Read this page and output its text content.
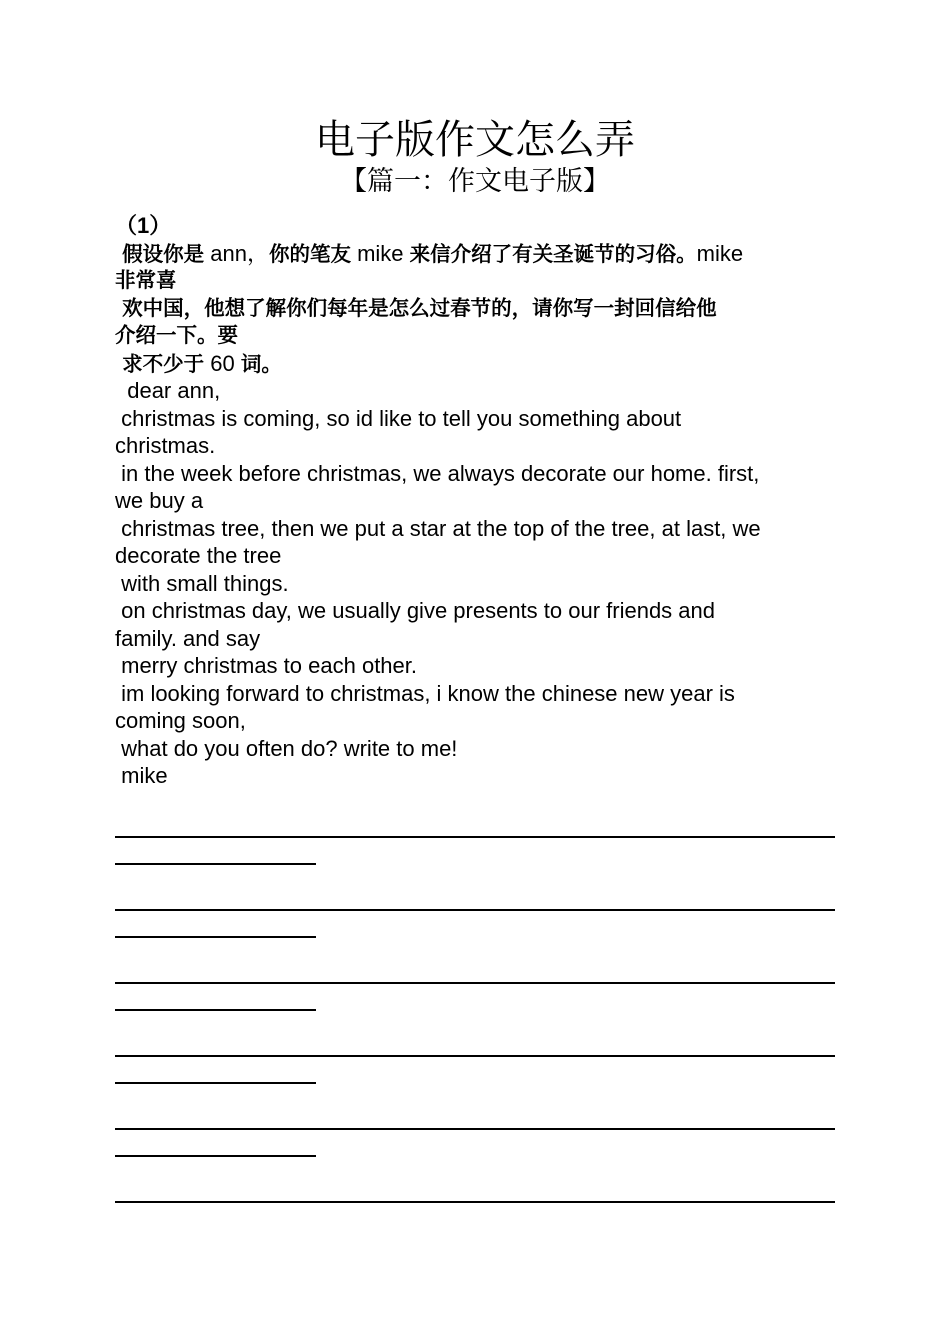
电子版作文怎么弄
【篇一：作文电子版】
（1）
假设你是 ann，你的笔友 mike 来信介绍了有关圣诞节的习俗。mike
非常喜
欢中国，他想了解你们每年是怎么过春节的，请你写一封回信给他
介绍一下。要
求不少于 60 词。
dear ann,
christmas is coming, so id like to tell you something about
christmas.
in the week before christmas, we always decorate our home. first,
we buy a
christmas tree, then we put a star at the top of the tree, at last, we
decorate the tree
with small things.
on christmas day, we usually give presents to our friends and
family. and say
merry christmas to each other.
im looking forward to christmas, i know the chinese new year is
coming soon,
what do you often do? write to me!
mike
